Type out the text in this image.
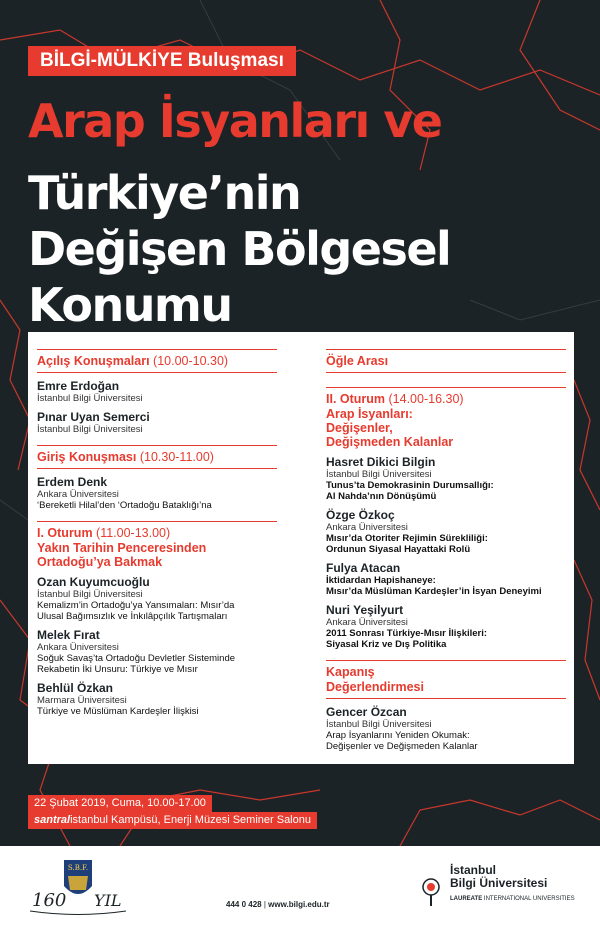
BİLGİ-MÜLKİYE Buluşması
Arap İsyanları ve
Türkiye’nin
Değişen Bölgesel
Konumu
Açılış Konuşmaları (10.00-10.30)
Emre Erdoğan
İstanbul Bilgi Üniversitesi
Pınar Uyan Semerci
İstanbul Bilgi Üniversitesi
Giriş Konuşması (10.30-11.00)
Erdem Denk
Ankara Üniversitesi
‘Bereketli Hilal’den ‘Ortadoğu Bataklığı’na
I. Oturum (11.00-13.00)
Yakın Tarihin Penceresinden
Ortadoğu’ya Bakmak
Ozan Kuyumcuoğlu
İstanbul Bilgi Üniversitesi
Kemalizm’in Ortadoğu’ya Yansımaları: Mısır’da
Ulusal Bağımsızlık ve İnkılâpçılık Tartışmaları
Melek Fırat
Ankara Üniversitesi
Soğuk Savaş’ta Ortadoğu Devletler Sisteminde
Rekabetin İki Unsuru: Türkiye ve Mısır
Behlül Özkan
Marmara Üniversitesi
Türkiye ve Müslüman Kardeşler İlişkisi
Öğle Arası
II. Oturum (14.00-16.30)
Arap İsyanları:
Değişenler,
Değişmeden Kalanlar
Hasret Dikici Bilgin
İstanbul Bilgi Üniversitesi
Tunus’ta Demokrasinin Durumsallığı:
Al Nahda’nın Dönüşümü
Özge Özkoç
Ankara Üniversitesi
Mısır’da Otoriter Rejimin Sürekliliği:
Ordunun Siyasal Hayattaki Rolü
Fulya Atacan
İktidardan Hapishaneye:
Mısır’da Müslüman Kardeşler’in İsyan Deneyimi
Nuri Yeşilyurt
Ankara Üniversitesi
2011 Sonrası Türkiye-Mısır İlişkileri:
Siyasal Kriz ve Dış Politika
Kapanış
Değerlendirmesi
Gencer Özcan
İstanbul Bilgi Üniversitesi
Arap İsyanlarını Yeniden Okumak:
Değişenler ve Değişmeden Kalanlar
22 Şubat 2019, Cuma, 10.00-17.00
santralistanbul Kampüsü, Enerji Müzesi Seminer Salonu
S.B.F.
160 YIL	444 0 428 | www.bilgi.edu.tr
İstanbul
Bilgi Üniversitesi
LAUREATE INTERNATIONAL UNIVERSITIES
